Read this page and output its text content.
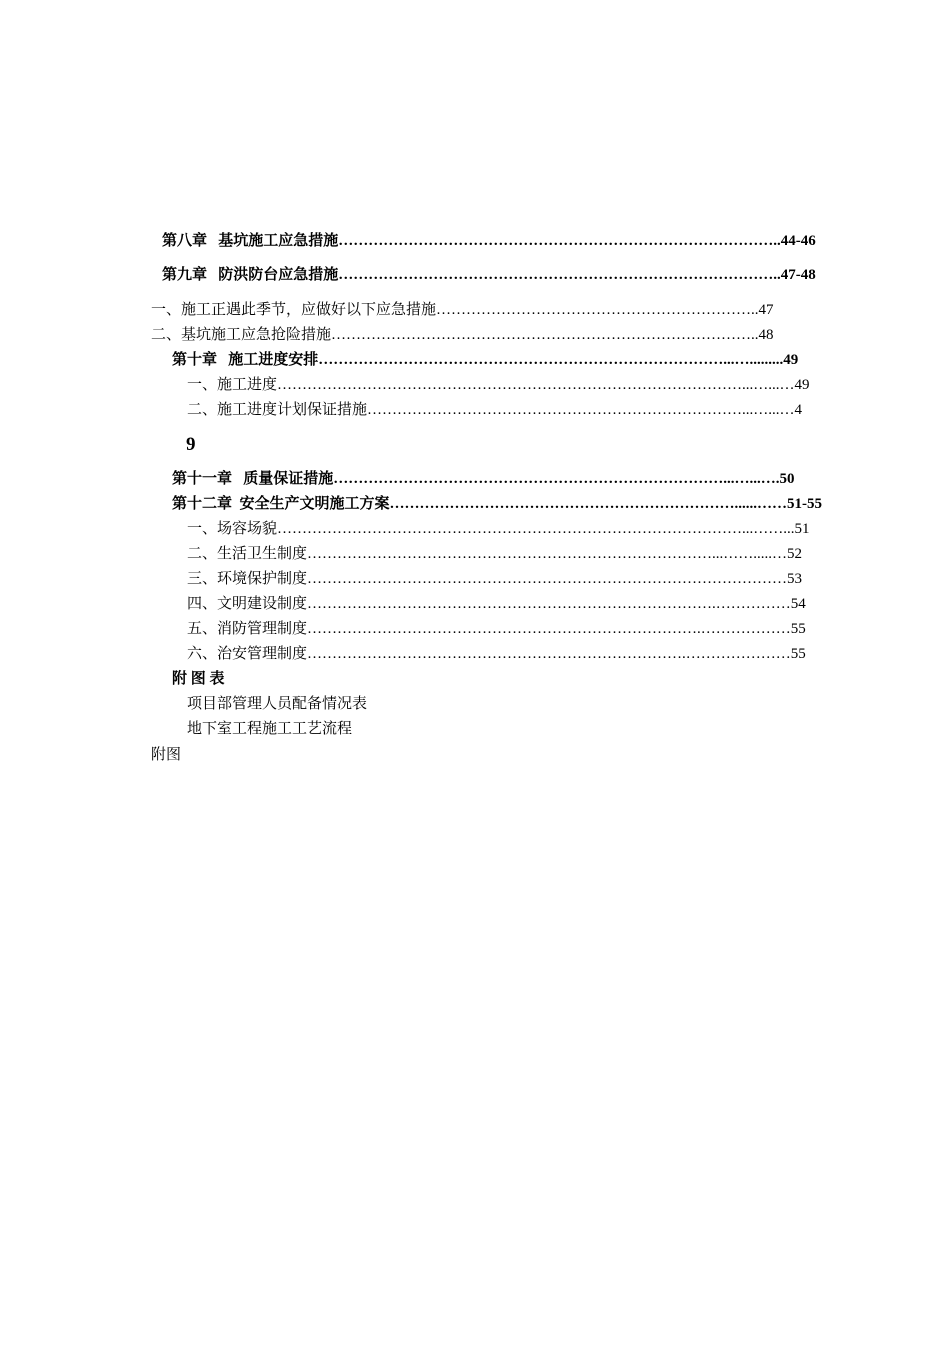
第八章   基坑施工应急措施……………………………………………………………………………..44-46
第九章   防洪防台应急措施……………………………………………………………………………..47-48
一、施工正遇此季节，应做好以下应急措施………………………………………………………..47
二、基坑施工应急抢险措施…………………………………………………………………………..48
第十章   施工进度安排………………………………………………………………………...….........49
一、施工进度…………………………………………………………………………………...…...…49
二、施工进度计划保证措施…………………………………………………………………...…...…4
9
第十一章   质量保证措施……………………………………………………………………...…...….50
第十二章  安全生产文明施工方案……………………………………………………………......……51-55
一、场容场貌…………………………………………………………………………………...……...51
二、生活卫生制度………………………………………………………………………...…….....…52
三、环境保护制度……………………………………………………………………………………53
四、文明建设制度……………………………………………………………………….……………54
五、消防管理制度…………………………………………………………………….………………55
六、治安管理制度………………………………………………………………….…………………55
附 图 表
项目部管理人员配备情况表
地下室工程施工工艺流程
附图
